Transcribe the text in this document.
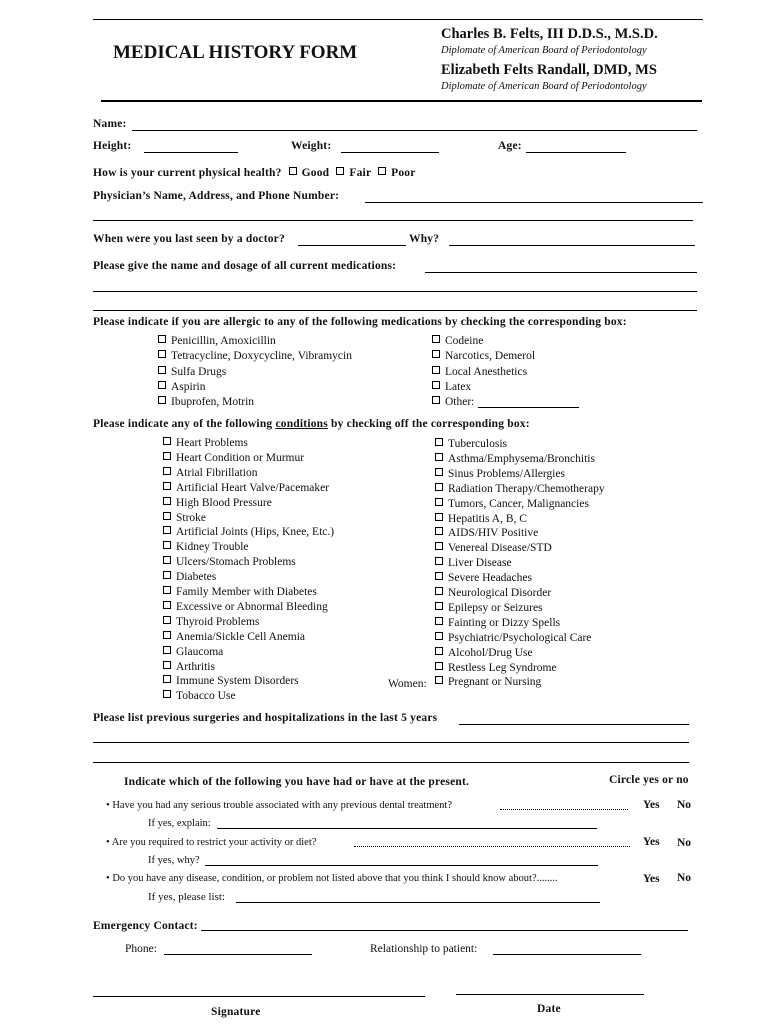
MEDICAL HISTORY FORM
Charles B. Felts, III D.D.S., M.S.D.
Diplomate of American Board of Periodontology
Elizabeth Felts Randall, DMD, MS
Diplomate of American Board of Periodontology
Name:
Height:	Weight:	Age:
How is your current physical health? Good Fair Poor
Physician’s Name, Address, and Phone Number:
When were you last seen by a doctor?	Why?
Please give the name and dosage of all current medications:
Please indicate if you are allergic to any of the following medications by checking the corresponding box:
Penicillin, Amoxicillin
Tetracycline, Doxycycline, Vibramycin
Sulfa Drugs
Aspirin
Ibuprofen, Motrin
Codeine
Narcotics, Demerol
Local Anesthetics
Latex
Other:
Please indicate any of the following conditions by checking off the corresponding box:
Heart Problems
Heart Condition or Murmur
Atrial Fibrillation
Artificial Heart Valve/Pacemaker
High Blood Pressure
Stroke
Artificial Joints (Hips, Knee, Etc.)
Kidney Trouble
Ulcers/Stomach Problems
Diabetes
Family Member with Diabetes
Excessive or Abnormal Bleeding
Thyroid Problems
Anemia/Sickle Cell Anemia
Glaucoma
Arthritis
Immune System Disorders
Tobacco Use
Tuberculosis
Asthma/Emphysema/Bronchitis
Sinus Problems/Allergies
Radiation Therapy/Chemotherapy
Tumors, Cancer, Malignancies
Hepatitis A, B, C
AIDS/HIV Positive
Venereal Disease/STD
Liver Disease
Severe Headaches
Neurological Disorder
Epilepsy or Seizures
Fainting or Dizzy Spells
Psychiatric/Psychological Care
Alcohol/Drug Use
Restless Leg Syndrome
Pregnant or Nursing
Women:
Please list previous surgeries and hospitalizations in the last 5 years
Indicate which of the following you have had or have at the present.	Circle yes or no
• Have you had any serious trouble associated with any previous dental treatment?	Yes No
If yes, explain:
• Are you required to restrict your activity or diet?	Yes No
If yes, why?
• Do you have any disease, condition, or problem not listed above that you think I should know about?........	Yes No
If yes, please list:
Emergency Contact:
Phone:	Relationship to patient:
Signature	Date
